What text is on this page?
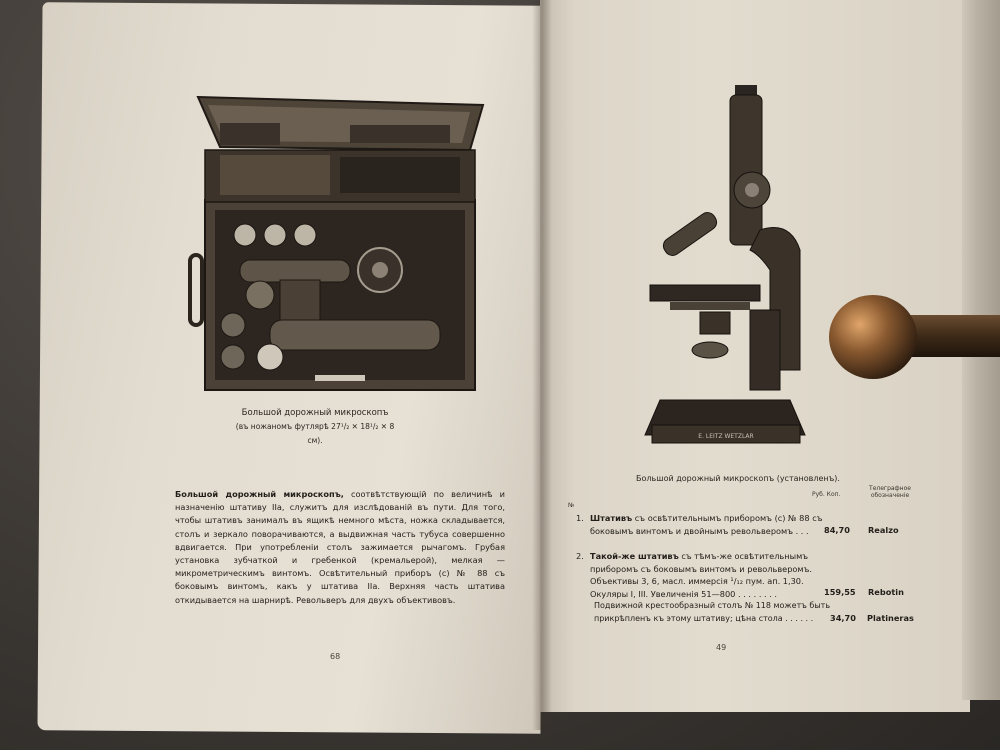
Большой дорожный микроскопъ
(въ ножаномъ футлярѣ 27¹/₂ ✕ 18¹/₂ ✕ 8 см).
Большой дорожный микроскопъ, соотвѣтствующій по величинѣ и назначенію штативу IIa, служитъ для изслѣдованій въ пути. Для того, чтобы штативъ занималъ въ ящикѣ немного мѣста, ножка складывается, столъ и зеркало поворачиваются, а выдвижная часть тубуса совершенно вдвигается. При употребленіи столъ зажимается рычагомъ. Грубая установка зубчаткой и гребенкой (кремальерой), мелкая — микрометрическимъ винтомъ. Освѣтительный приборъ (с) № 88 съ боковымъ винтомъ, какъ у штатива IIa. Верхняя часть штатива откидывается на шарнирѣ. Револьверъ для двухъ объективовъ.
68
E. LEITZ WETZLAR
Большой дорожный микроскопъ (установленъ).
Руб. Коп.
Телеграфное обозначеніе
№
1. Штативъ съ освѣтительнымъ приборомъ (с) № 88 съ боковымъ винтомъ и двойнымъ револьверомъ . . .	84,70 Realzo
2. Такой-же штативъ съ тѣмъ-же освѣтительнымъ приборомъ съ боковымъ винтомъ и револьверомъ. Объективы 3, 6, масл. иммерсія ¹/₁₂ пум. ап. 1,30. Окуляры I, III. Увеличенія 51—800 . . . . . . . .	159,55 Rebotin
Подвижной крестообразный столъ № 118 можетъ быть прикрѣпленъ къ этому штативу; цѣна стола . . . . . .	34,70 Platineras
49
